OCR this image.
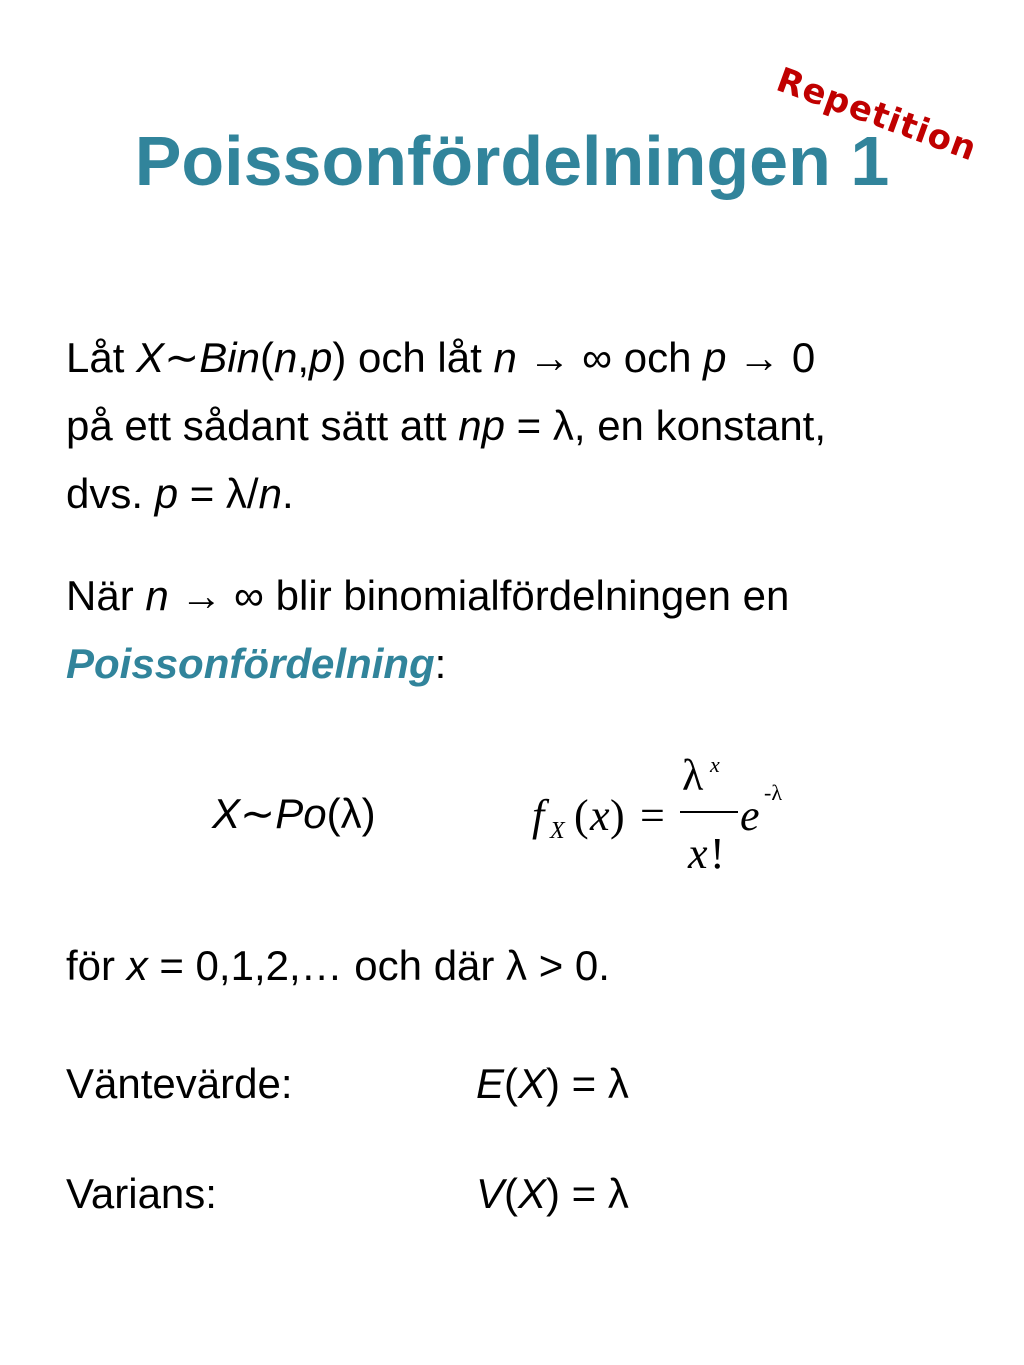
Repetition
Poissonfördelningen 1
Låt X∼Bin(n,p) och låt n → ∞ och p → 0
på ett sådant sätt att np = λ, en konstant,
dvs. p = λ/n.
När n → ∞ blir binomialfördelningen en
Poissonfördelning:
X∼Po(λ)	f X ( x ) =
λ x
x !
e -λ
för x = 0,1,2,… och där λ > 0.
Väntevärde:	E(X) = λ
Varians:	V(X) = λ
